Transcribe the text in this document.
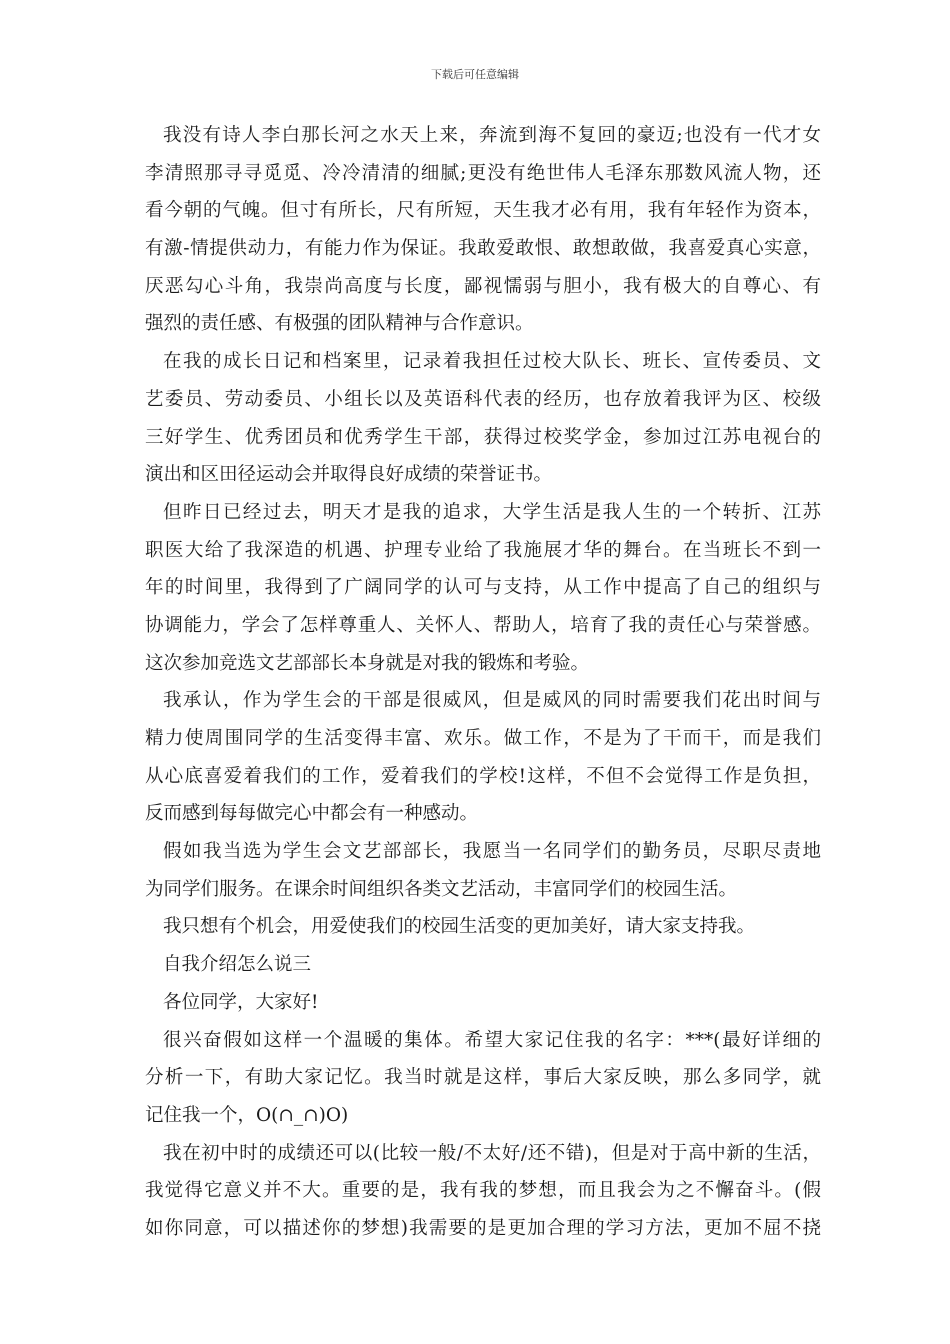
下载后可任意编辑
我没有诗人李白那长河之水天上来，奔流到海不复回的豪迈;也没有一代才女
李清照那寻寻觅觅、冷冷清清的细腻;更没有绝世伟人毛泽东那数风流人物，还
看今朝的气魄。但寸有所长，尺有所短，天生我才必有用，我有年轻作为资本，
有激-情提供动力，有能力作为保证。我敢爱敢恨、敢想敢做，我喜爱真心实意，
厌恶勾心斗角，我崇尚高度与长度，鄙视懦弱与胆小，我有极大的自尊心、有
强烈的责任感、有极强的团队精神与合作意识。
在我的成长日记和档案里，记录着我担任过校大队长、班长、宣传委员、文
艺委员、劳动委员、小组长以及英语科代表的经历，也存放着我评为区、校级
三好学生、优秀团员和优秀学生干部，获得过校奖学金，参加过江苏电视台的
演出和区田径运动会并取得良好成绩的荣誉证书。
但昨日已经过去，明天才是我的追求，大学生活是我人生的一个转折、江苏
职医大给了我深造的机遇、护理专业给了我施展才华的舞台。在当班长不到一
年的时间里，我得到了广阔同学的认可与支持，从工作中提高了自己的组织与
协调能力，学会了怎样尊重人、关怀人、帮助人，培育了我的责任心与荣誉感。
这次参加竞选文艺部部长本身就是对我的锻炼和考验。
我承认，作为学生会的干部是很威风，但是威风的同时需要我们花出时间与
精力使周围同学的生活变得丰富、欢乐。做工作，不是为了干而干，而是我们
从心底喜爱着我们的工作，爱着我们的学校!这样，不但不会觉得工作是负担，
反而感到每每做完心中都会有一种感动。
假如我当选为学生会文艺部部长，我愿当一名同学们的勤务员，尽职尽责地
为同学们服务。在课余时间组织各类文艺活动，丰富同学们的校园生活。
我只想有个机会，用爱使我们的校园生活变的更加美好，请大家支持我。
自我介绍怎么说三
各位同学，大家好!
很兴奋假如这样一个温暖的集体。希望大家记住我的名字：***(最好详细的
分析一下，有助大家记忆。我当时就是这样，事后大家反映，那么多同学，就
记住我一个，O(∩_∩)O)
我在初中时的成绩还可以(比较一般/不太好/还不错)，但是对于高中新的生活，
我觉得它意义并不大。重要的是，我有我的梦想，而且我会为之不懈奋斗。(假
如你同意，可以描述你的梦想)我需要的是更加合理的学习方法，更加不屈不挠
